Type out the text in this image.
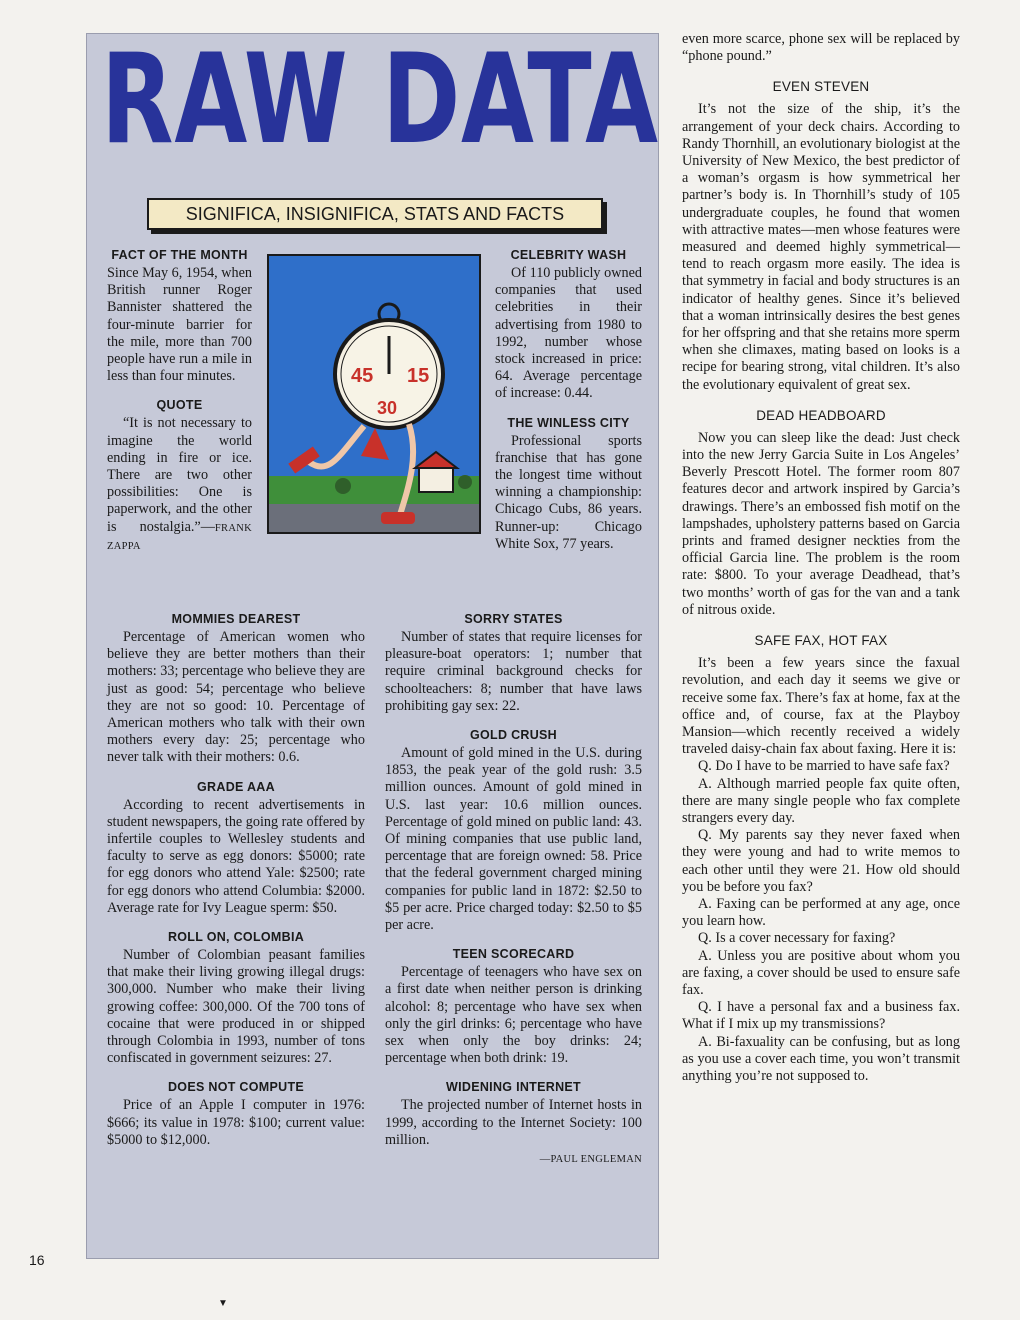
RAW DATA
SIGNIFICA, INSIGNIFICA, STATS AND FACTS
45 15
30
FACT OF THE MONTH

Since May 6, 1954, when British runner Roger Bannister shattered the four-minute barrier for the mile, more than 700 people have run a mile in less than four minutes.

QUOTE

“It is not necessary to imagine the world ending in fire or ice. There are two other possibilities: One is paperwork, and the other is nostalgia.”—FRANK ZAPPA

MOMMIES DEAREST

Percentage of American women who believe they are better mothers than their mothers: 33; percentage who believe they are just as good: 54; percentage who believe they are not so good: 10. Percentage of American mothers who talk with their own mothers every day: 25; percentage who never talk with their mothers: 0.6.

GRADE AAA

According to recent advertisements in student newspapers, the going rate offered by infertile couples to Wellesley students and faculty to serve as egg donors: $5000; rate for egg donors who attend Yale: $2500; rate for egg donors who attend Columbia: $2000. Average rate for Ivy League sperm: $50.

ROLL ON, COLOMBIA

Number of Colombian peasant families that make their living growing illegal drugs: 300,000. Number who make their living growing coffee: 300,000. Of the 700 tons of cocaine that were produced in or shipped through Colombia in 1993, number of tons confiscated in government seizures: 27.

DOES NOT COMPUTE

Price of an Apple I computer in 1976: $666; its value in 1978: $100; current value: $5000 to $12,000.

CELEBRITY WASH

Of 110 publicly owned companies that used celebrities in their advertising from 1980 to 1992, number whose stock increased in price: 64. Average percentage of increase: 0.44.

THE WINLESS CITY

Professional sports franchise that has gone the longest time without winning a championship: Chicago Cubs, 86 years. Runner-up: Chicago White Sox, 77 years.

SORRY STATES

Number of states that require licenses for pleasure-boat operators: 1; number that require criminal background checks for schoolteachers: 8; number that have laws prohibiting gay sex: 22.

GOLD CRUSH

Amount of gold mined in the U.S. during 1853, the peak year of the gold rush: 3.5 million ounces. Amount of gold mined in U.S. last year: 10.6 million ounces. Percentage of gold mined on public land: 43. Of mining companies that use public land, percentage that are foreign owned: 58. Price that the federal government charged mining companies for public land in 1872: $2.50 to $5 per acre. Price charged today: $2.50 to $5 per acre.

TEEN SCORECARD

Percentage of teenagers who have sex on a first date when neither person is drinking alcohol: 8; percentage who have sex when only the girl drinks: 6; percentage who have sex when only the boy drinks: 24; percentage when both drink: 19.

WIDENING INTERNET

The projected number of Internet hosts in 1999, according to the Internet Society: 100 million.

—PAUL ENGLEMAN

even more scarce, phone sex will be replaced by “phone pound.”

EVEN STEVEN

It’s not the size of the ship, it’s the arrangement of your deck chairs. According to Randy Thornhill, an evolutionary biologist at the University of New Mexico, the best predictor of a woman’s orgasm is how symmetrical her partner’s body is. In Thornhill’s study of 105 undergraduate couples, he found that women with attractive mates—men whose features were measured and deemed highly symmetrical—tend to reach orgasm more easily. The idea is that symmetry in facial and body structures is an indicator of healthy genes. Since it’s believed that a woman intrinsically desires the best genes for her offspring and that she retains more sperm when she climaxes, mating based on looks is a recipe for bearing strong, vital children. It’s also the evolutionary equivalent of great sex.

DEAD HEADBOARD

Now you can sleep like the dead: Just check into the new Jerry Garcia Suite in Los Angeles’ Beverly Prescott Hotel. The former room 807 features decor and artwork inspired by Garcia’s drawings. There’s an embossed fish motif on the lampshades, upholstery patterns based on Garcia prints and framed designer neckties from the official Garcia line. The problem is the room rate: $800. To your average Deadhead, that’s two months’ worth of gas for the van and a tank of nitrous oxide.

SAFE FAX, HOT FAX

It’s been a few years since the faxual revolution, and each day it seems we give or receive some fax. There’s fax at home, fax at the office and, of course, fax at the Playboy Mansion—which recently received a widely traveled daisy-chain fax about faxing. Here it is:

Q. Do I have to be married to have safe fax?

A. Although married people fax quite often, there are many single people who fax complete strangers every day.

Q. My parents say they never faxed when they were young and had to write memos to each other until they were 21. How old should you be before you fax?

A. Faxing can be performed at any age, once you learn how.

Q. Is a cover necessary for faxing?

A. Unless you are positive about whom you are faxing, a cover should be used to ensure safe fax.

Q. I have a personal fax and a business fax. What if I mix up my transmissions?

A. Bi-faxuality can be confusing, but as long as you use a cover each time, you won’t transmit anything you’re not supposed to.

16
▼
